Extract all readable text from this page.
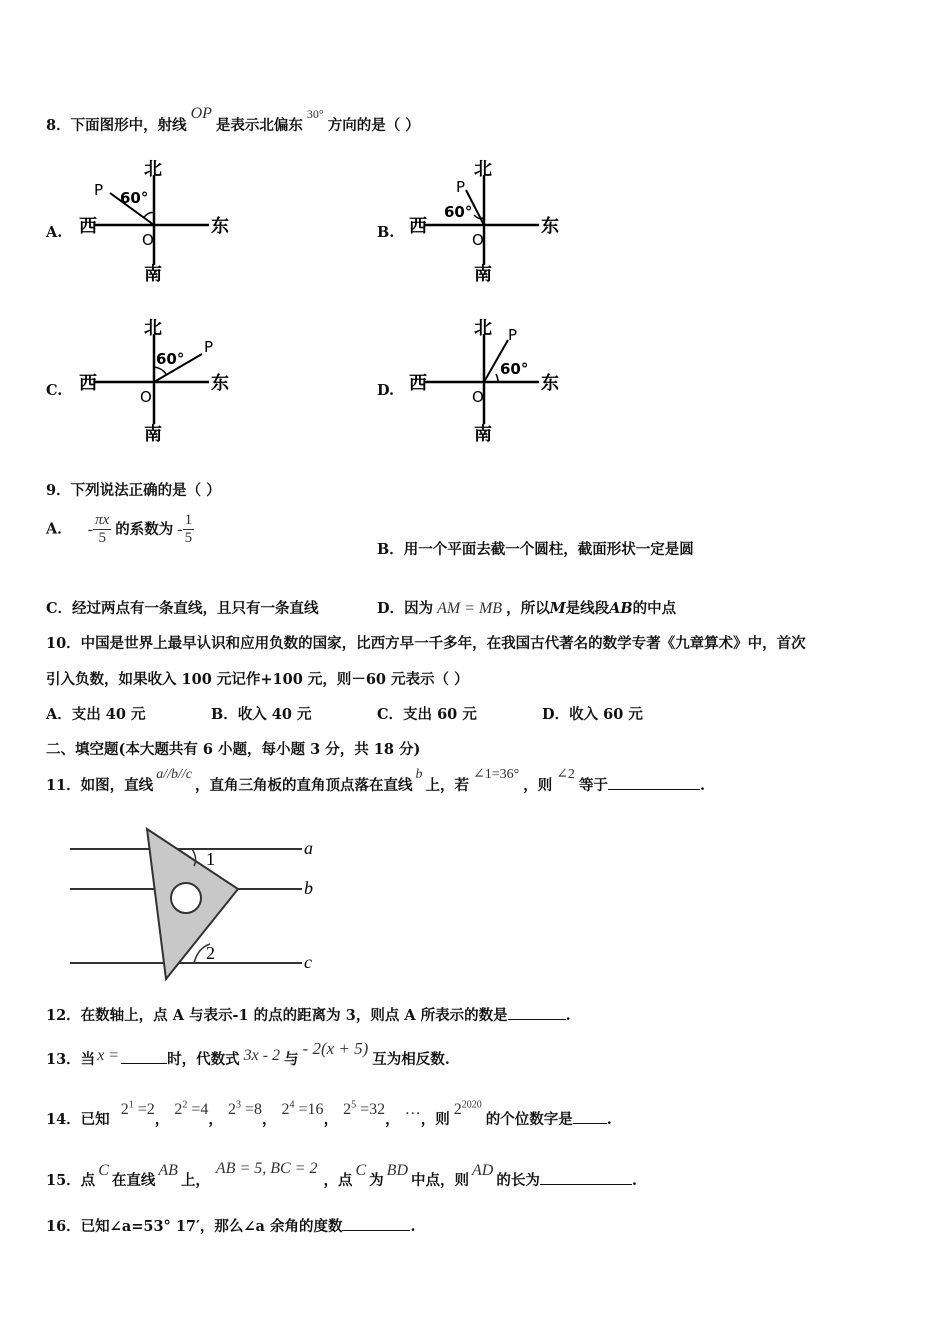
8．下面图形中，射线OP是表示北偏东$^{30^\circ}$方向的是（ ）
A.	B.
C.	D.
北
南
西	东
O
P 60°
北
南
西	东
O
P
60°
北
南
西	东
O
P
60°
北
南
西	东
O
P
60°
9．下列说法正确的是（ ）
A． - $\frac{\pi x}{5}$ 的系数为 - $\frac{1}{5}$
B．用一个平面去截一个圆柱，截面形状一定是圆
C．经过两点有一条直线，且只有一条直线	D．因为 AM = MB ，所以M是线段AB的中点
10．中国是世界上最早认识和应用负数的国家，比西方早一千多年，在我国古代著名的数学专著《九章算术》中，首次
引入负数，如果收入 100 元记作+100 元，则－60 元表示（ ）
A．支出 40 元	B．收入 40 元	C．支出 60 元	D．收入 60 元
二、填空题(本大题共有 6 小题，每小题 3 分，共 18 分)
11．如图，直线a//b//c，直角三角板的直角顶点落在直线b上，若∠1=36°，则∠2等于	.
1
2
a
b
c
12．在数轴上，点 A 与表示-1 的点的距离为 3，则点 A 所表示的数是	.
13．当 x =	时，代数式 3x - 2 与- 2(x + 5)互为相反数.
14．已知 $2^1 =2$， $2^2 =4$， $2^3 =8$， $2^4 =16$， $2^5 =32$， …，则$2^{2020}$的个位数字是 .
15．点C在直线AB上，AB = 5, BC = 2，点C为BD中点，则AD的长为	.
16．已知∠a=53° 17′，那么∠a 余角的度数	.
